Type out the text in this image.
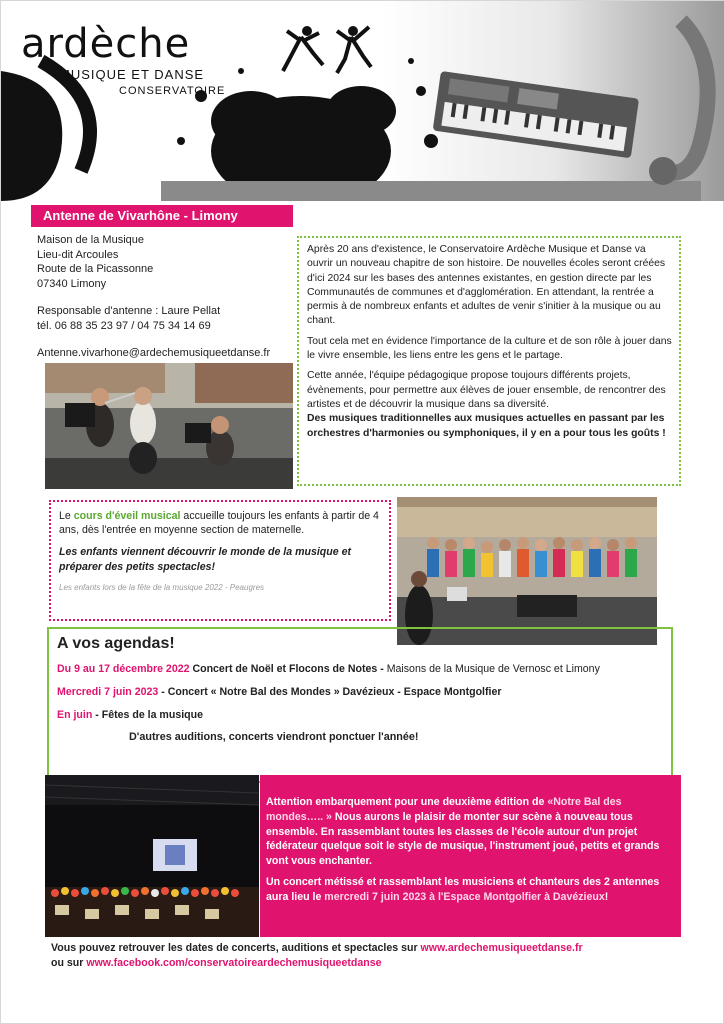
ardèche
MUSIQUE ET DANSE
CONSERVATOIRE
Antenne de Vivarhône - Limony
Maison de la Musique
Lieu-dit Arcoules
Route de la Picassonne
07340 Limony
Responsable d'antenne : Laure Pellat
tél. 06 88 35 23 97 / 04 75 34 14 69
Antenne.vivarhone@ardechemusiqueetdanse.fr

Après 20 ans d'existence, le Conservatoire Ardèche Musique et Danse va ouvrir un nouveau chapitre de son histoire. De nouvelles écoles seront créées d'ici 2024 sur les bases des antennes existantes, en gestion directe par les Communautés de communes et d'agglomération. En attendant, la rentrée a permis à de nombreux enfants et adultes de venir s'initier à la musique ou au chant.

Tout cela met en évidence l'importance de la culture et de son rôle à jouer dans le vivre ensemble, les liens entre les gens et le partage.

Cette année, l'équipe pédagogique propose toujours différents projets, évènements, pour permettre aux élèves de jouer ensemble, de rencontrer des artistes et de découvrir la musique dans sa diversité.

Des musiques traditionnelles aux musiques actuelles en passant par les orchestres d'harmonies ou symphoniques, il y en a pour tous les goûts !

Le cours d'éveil musical accueille toujours les enfants à partir de 4 ans, dès l'entrée en moyenne section de maternelle.
Les enfants viennent découvrir le monde de la musique et préparer des petits spectacles!
Les enfants lors de la fête de la musique 2022 - Peaugres
A vos agendas!
Du 9 au 17 décembre 2022 Concert de Noël et Flocons de Notes - Maisons de la Musique de Vernosc et Limony
Mercredi 7 juin 2023 - Concert « Notre Bal des Mondes » Davézieux - Espace Montgolfier
En juin - Fêtes de la musique
D'autres auditions, concerts viendront ponctuer l'année!

Attention embarquement pour une deuxième édition de «Notre Bal des mondes….. » Nous aurons le plaisir de monter sur scène à nouveau tous ensemble. En rassemblant toutes les classes de l'école autour d'un projet fédérateur quelque soit le style de musique, l'instrument joué, petits et grands vont vous enchanter.

Un concert métissé et rassemblant les musiciens et chanteurs des 2 antennes aura lieu le mercredi 7 juin 2023 à l'Espace Montgolfier à Davézieux!

Vous pouvez retrouver les dates de concerts, auditions et spectacles sur www.ardechemusiqueetdanse.fr
ou sur www.facebook.com/conservatoireardechemusiqueetdanse
